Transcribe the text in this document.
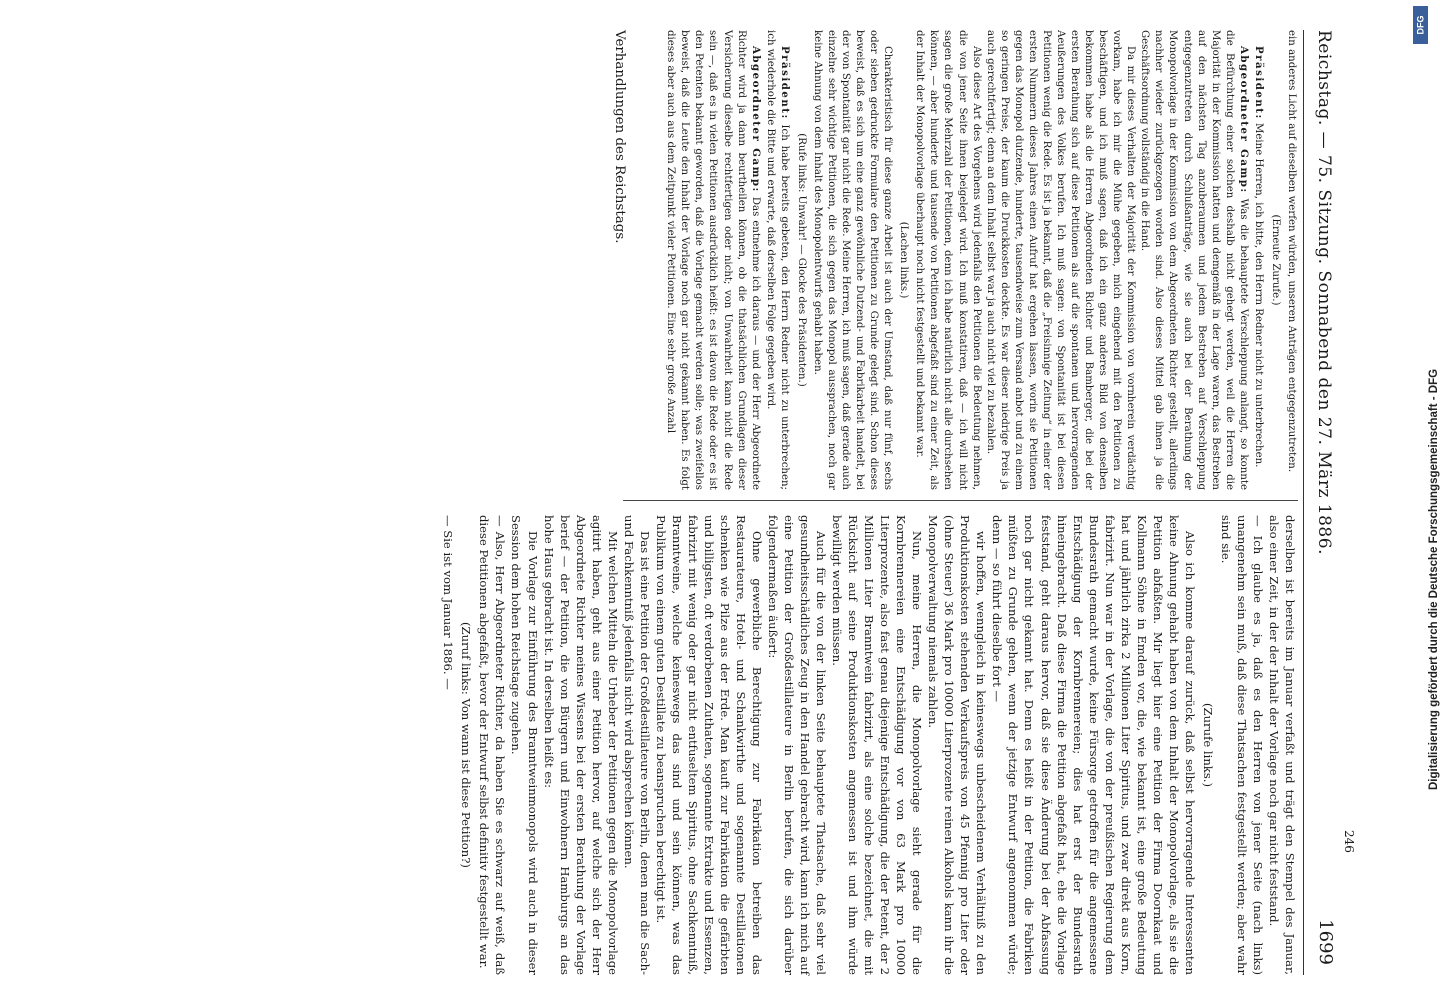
Reichstag. — 75. Sitzung. Sonnabend den 27. März 1886.
1699
246

ein anderes Licht auf dieselben werfen würden, unseren Anträgen entgegenzutreten.

(Erneute Zurufe.)

Präsident: Meine Herren, ich bitte, den Herrn Redner nicht zu unterbrechen.

Abgeordneter Gamp: Was die behauptete Verschleppung anlangt, so konnte die Befürchtung einer solchen deshalb nicht gehegt werden, weil die Herren die Majorität in der Kommission hatten und demgemäß in der Lage waren, das Bestreben auf den nächsten Tag anzuberaumen und jedem Bestreben auf Verschleppung entgegenzutreten durch Schlußanträge, wie sie auch bei der Berathung der Monopolvorlage in der Kommission von dem Abgeordneten Richter gestellt, allerdings nachher wieder zurückgezogen worden sind. Also dieses Mittel gab ihnen ja die Geschäftsordnung vollständig in die Hand.

Da mir dieses Verhalten der Majorität der Kommission von vornherein verdächtig vorkam, habe ich mir die Mühe gegeben, mich eingehend mit den Petitionen zu beschäftigen, und ich muß sagen, daß ich ein ganz anderes Bild von denselben bekommen habe als die Herren Abgeordneten Richter und Bamberger, die bei der ersten Berathung sich auf diese Petitionen als auf die spontanen und hervorragenden Aeußerungen des Volkes berufen. Ich muß sagen: von Spontanität ist bei diesen Petitionen wenig die Rede. Es ist ja bekannt, daß die „Freisinnige Zeitung“ in einer der ersten Nummern dieses Jahres einen Aufruf hat ergehen lassen, worin sie Petitionen gegen das Monopol dutzende, hunderte, tausendweise zum Versand anbot und zu einem so geringen Preise, der kaum die Druckkosten deckte. Es war dieser niedrige Preis ja auch gerechtfertigt; denn an dem Inhalt selbst war ja auch nicht viel zu bezahlen.

Also diese Art des Vorgehens wird jedenfalls den Petitionen die Bedeutung nehmen, die von jener Seite ihnen beigelegt wird. Ich muß konstatiren, daß — ich will nicht sagen die große Mehrzahl der Petitionen, denn ich habe natürlich nicht alle durchsehen können, — aber hunderte und tausende von Petitionen abgefaßt sind zu einer Zeit, als der Inhalt der Monopolvorlage überhaupt noch nicht festgestellt und bekannt war.

(Lachen links.)

Charakteristisch für diese ganze Arbeit ist auch der Umstand, daß nur fünf, sechs oder sieben gedruckte Formulare den Petitionen zu Grunde gelegt sind. Schon dieses beweist, daß es sich um eine ganz gewöhnliche Dutzend- und Fabrikarbeit handelt, bei der von Spontanität gar nicht die Rede. Meine Herren, ich muß sagen, daß gerade auch einzelne sehr wichtige Petitionen, die sich gegen das Monopol aussprachen, noch gar keine Ahnung von dem Inhalt des Monopolentwurfs gehabt haben.

(Rufe links: Unwahr! — Glocke des Präsidenten.)

Präsident: Ich habe bereits gebeten, den Herrn Redner nicht zu unterbrechen; ich wiederhole die Bitte und erwarte, daß derselben Folge gegeben wird.

Abgeordneter Gamp: Das entnehme ich daraus — und der Herr Abgeordnete Richter wird ja dann beurtheilen können, ob die thatsächlichen Grundlagen dieser Versicherung dieselbe rechtfertigen oder nicht; von Unwahrheit kann nicht die Rede sein —, daß es in vielen Petitionen ausdrücklich heißt: es ist davon die Rede oder es ist den Petenten bekannt geworden, daß die Vorlage gemacht werden solle; was zweifellos beweist, daß die Leute den Inhalt der Vorlage noch gar nicht gekannt haben. Es folgt dieses aber auch aus dem Zeitpunkt vieler Petitionen. Eine sehr große Anzahl

derselben ist bereits im Januar verfaßt und trägt den Stempel des Januar, also einer Zeit, in der der Inhalt der Vorlage noch gar nicht feststand.

— Ich glaube es ja, daß es den Herren von jener Seite (nach links) unangenehm sein muß, daß diese Thatsachen festgestellt werden; aber wahr sind sie.

(Zurufe links.)

Also ich komme darauf zurück, daß selbst hervorragende Interessenten keine Ahnung gehabt haben von dem Inhalt der Monopolvorlage, als sie die Petition abfaßten. Mir liegt hier eine Petition der Firma Doornkaat und Kollmann Söhne in Emden vor, die, wie bekannt ist, eine große Bedeutung hat und jährlich zirka 2 Millionen Liter Spiritus, und zwar direkt aus Korn, fabrizirt. Nun war in der Vorlage, die von der preußischen Regierung dem Bundesrath gemacht wurde, keine Fürsorge getroffen für die angemessene Entschädigung der Kornbrennereien; dies hat erst der Bundesrath hineingebracht. Daß diese Firma die Petition abgefaßt hat, ehe die Vorlage feststand, geht daraus hervor, daß sie diese Änderung bei der Abfassung noch gar nicht gekannt hat. Denn es heißt in der Petition, die Fabriken müßten zu Grunde gehen, wenn der jetzige Entwurf angenommen würde; denn — so führt dieselbe fort —

wir hoffen, wenngleich in keineswegs unbescheidenem Verhältniß zu den Produktionskosten stehenden Verkaufspreis von 45 Pfennig pro Liter oder (ohne Steuer) 36 Mark pro 10000 Literprozente reinen Alkohols kann ihr die Monopolverwaltung niemals zahlen.

Nun, meine Herren, die Monopolvorlage sieht gerade für die Kornbrennereien eine Entschädigung vor von 63 Mark pro 10000 Literprozente, also fast genau diejenige Entschädigung, die der Petent, der 2 Millionen Liter Branntwein fabrizirt, als eine solche bezeichnet, die mit Rücksicht auf seine Produktionskosten angemessen ist und ihm würde bewilligt werden müssen.

Auch für die von der linken Seite behauptete Thatsache, daß sehr viel gesundheitsschädliches Zeug in den Handel gebracht wird, kann ich mich auf eine Petition der Großdestillateure in Berlin berufen, die sich darüber folgendermaßen äußert:

Ohne gewerbliche Berechtigung zur Fabrikation betreiben das Restaurateure, Hotel- und Schankwirthe und sogenannte Destillationen schenken wie Pilze aus der Erde. Man kauft zur Fabrikation die gefärbten und billigsten, oft verdorbenen Zuthaten, sogenannte Extrakte und Essenzen, fabrizirt mit wenig oder gar nicht entfuseltem Spiritus, ohne Sachkenntniß, Branntweine, welche keineswegs das sind und sein können, was das Publikum von einem guten Destillate zu beanspruchen berechtigt ist.

Das ist eine Petition der Großdestillateure von Berlin, denen man die Sach- und Fachkenntniß jedenfalls nicht wird absprechen können.

Mit welchen Mitteln die Urheber der Petitionen gegen die Monopolvorlage agitirt haben, geht aus einer Petition hervor, auf welche sich der Herr Abgeordnete Richter meines Wissens bei der ersten Berathung der Vorlage berief — der Petition, die von Bürgern und Einwohnern Hamburgs an das hohe Haus gebracht ist. In derselben heißt es:

Die Vorlage zur Einführung des Branntweinmonopols wird auch in dieser Session dem hohen Reichstage zugehen.

— Also, Herr Abgeordneter Richter, da haben Sie es schwarz auf weiß, daß diese Petitionen abgefaßt, bevor der Entwurf selbst definitiv festgestellt war.

(Zuruf links: Von wann ist diese Petition?)

— Sie ist vom Januar 1886. —

Verhandlungen des Reichstags.
Digitalisierung gefördert durch die Deutsche Forschungsgemeinschaft - DFG
DFG
